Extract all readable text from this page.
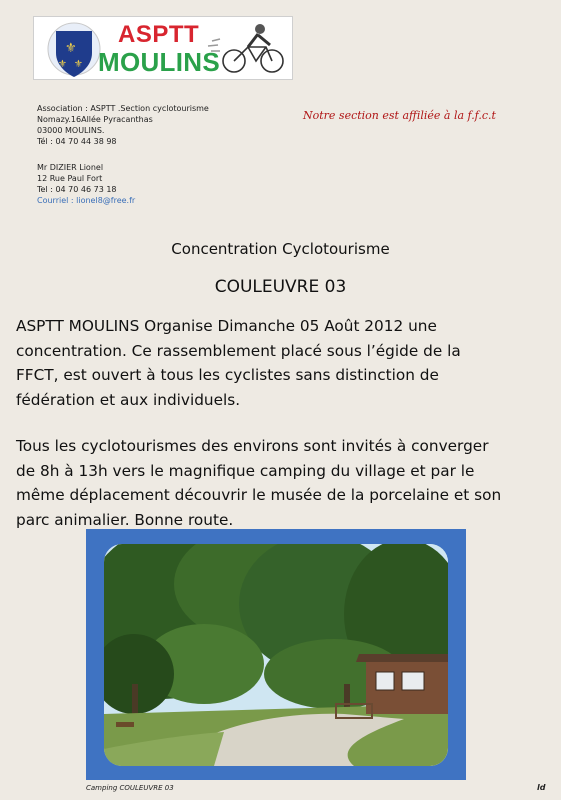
⚜
⚜ ⚜
ASPTT
MOULINS
Association : ASPTT .Section cyclotourisme
Nomazy.16Allée Pyracanthas
03000 MOULINS.
Tél : 04 70 44 38 98
Mr DIZIER Lionel
12 Rue Paul Fort
Tel : 04 70 46 73 18
Courriel : lionel8@free.fr
Notre section est affiliée à la f.f.c.t
Concentration Cyclotourisme
COULEUVRE 03
ASPTT MOULINS Organise Dimanche 05 Août 2012 une
concentration. Ce rassemblement placé sous l’égide de la
FFCT, est ouvert à tous les cyclistes sans distinction de
fédération et aux individuels.
Tous les cyclotourismes des environs sont invités à converger
de 8h à 13h vers le magnifique camping du village et par le
même déplacement découvrir le musée de la porcelaine et son
parc animalier. Bonne route.
Camping COULEUVRE 03	ld
